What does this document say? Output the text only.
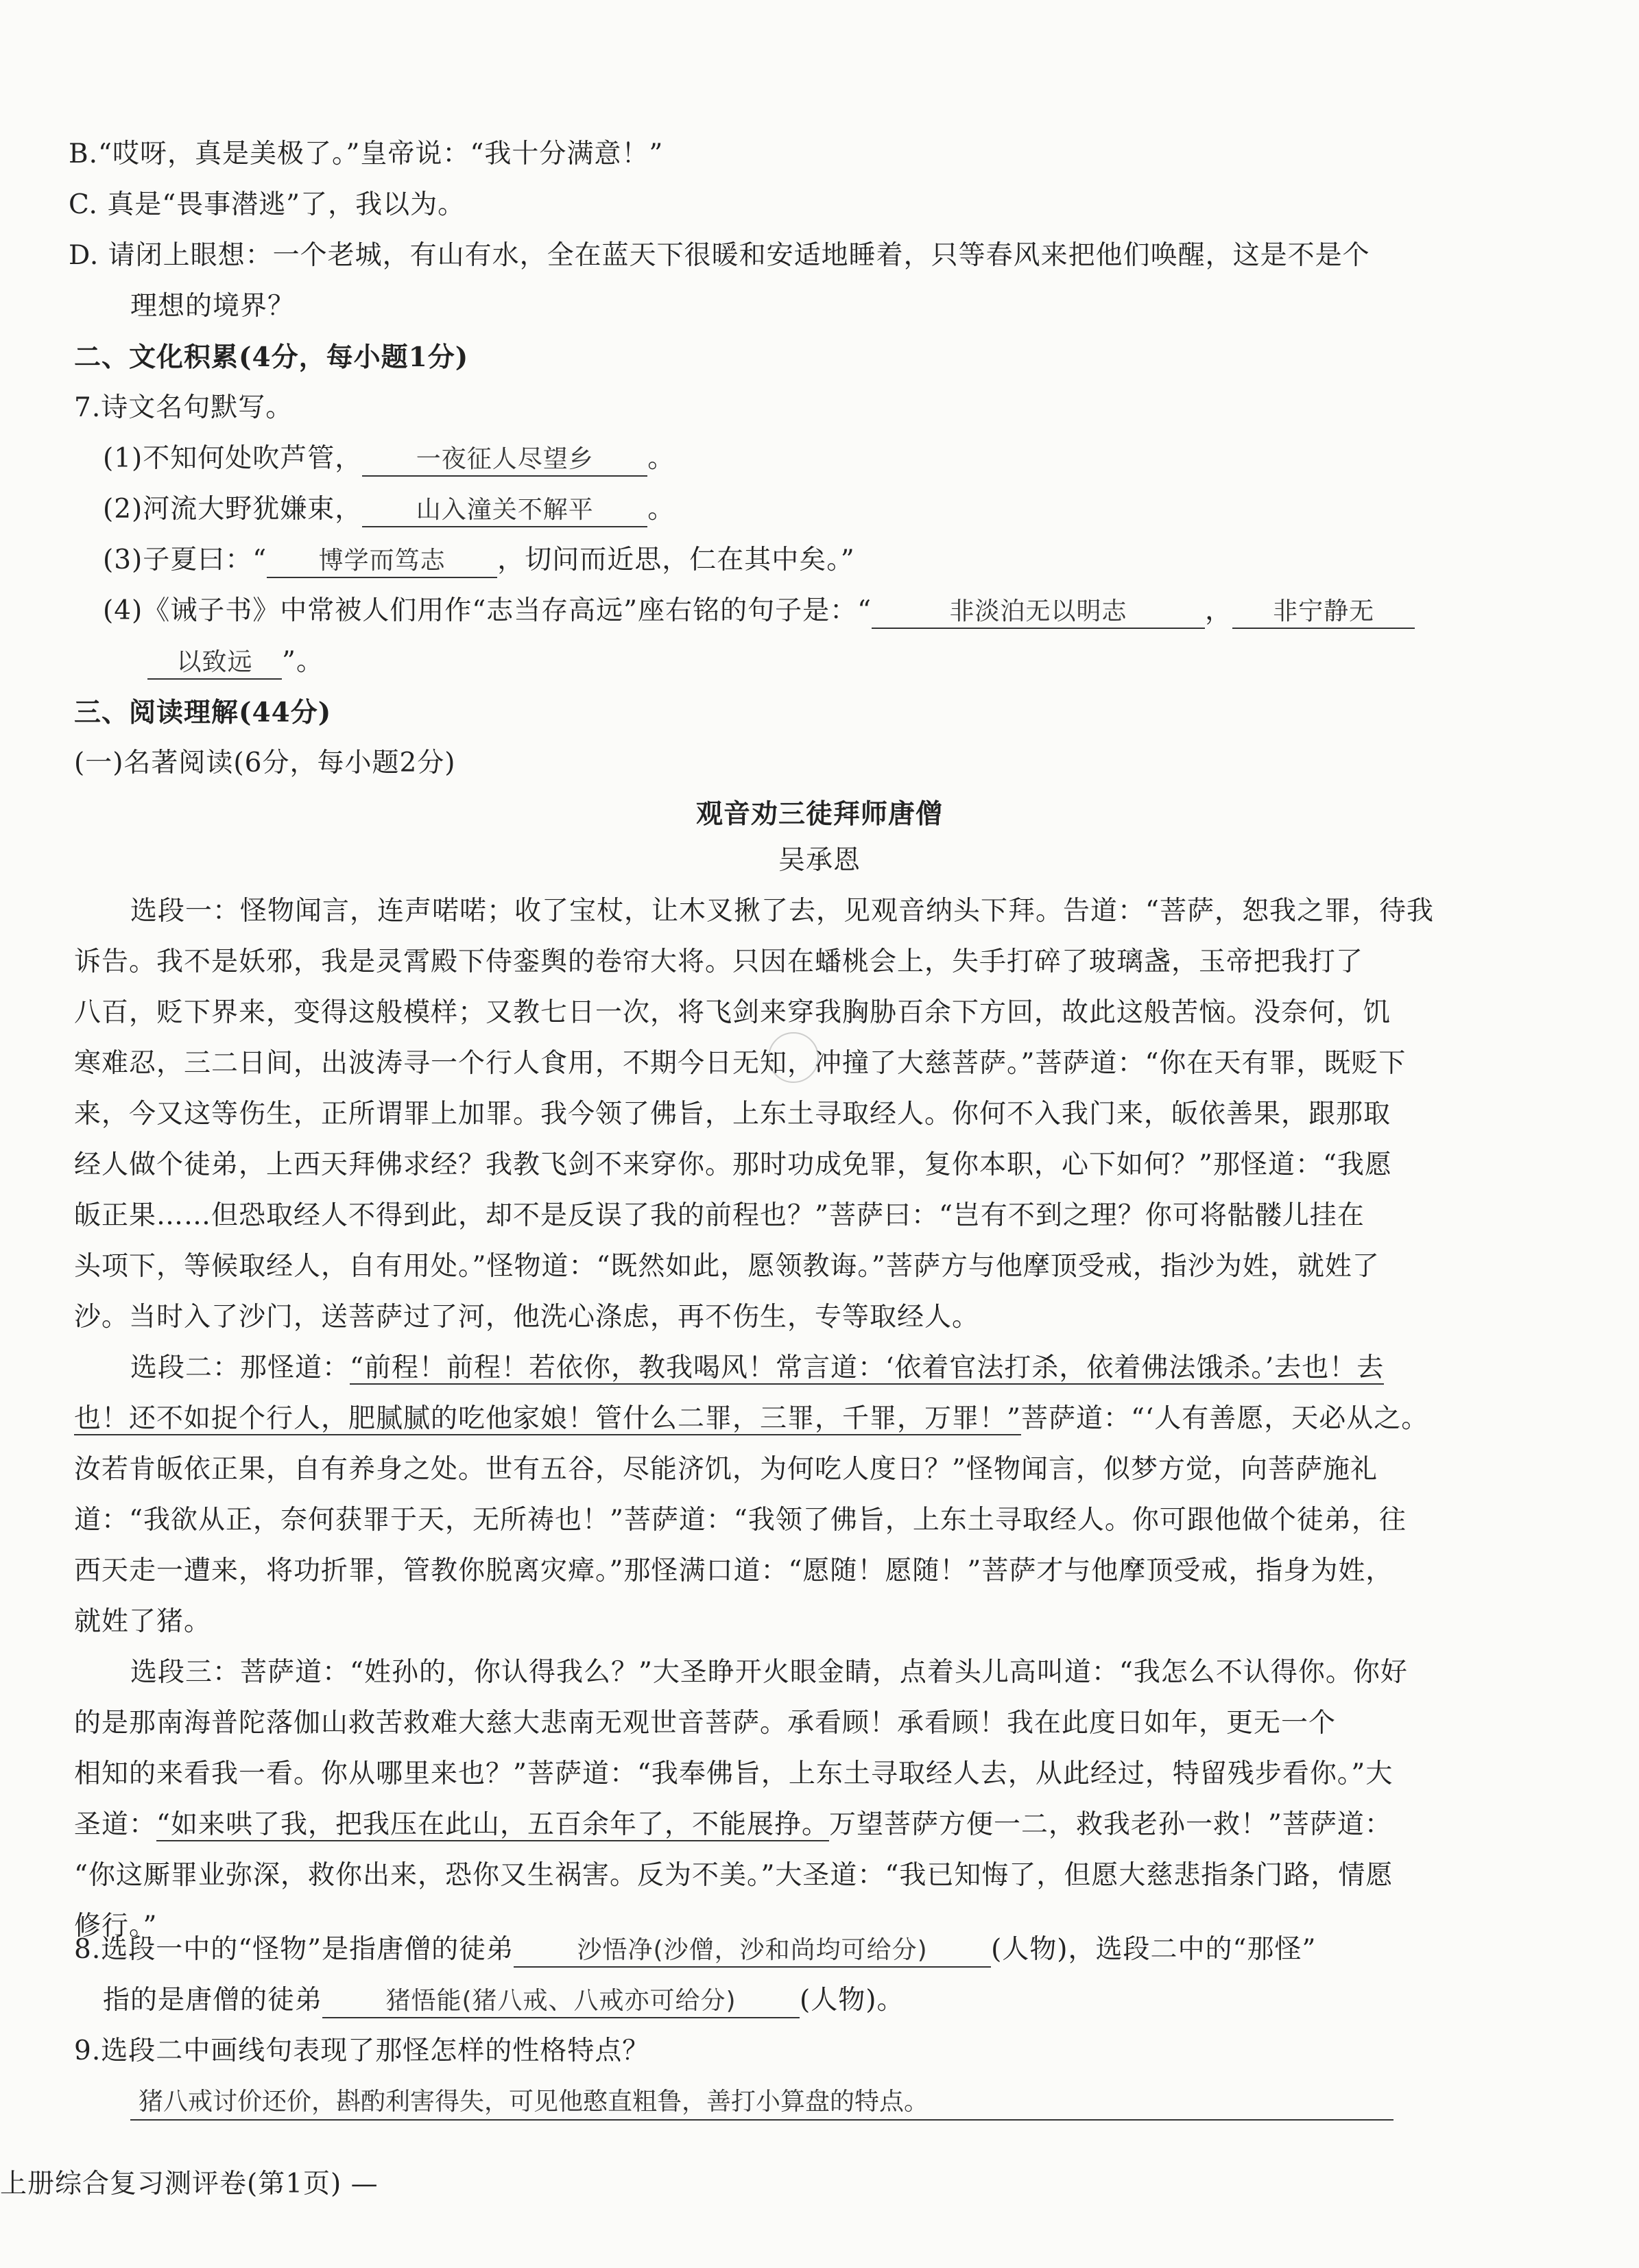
B.“哎呀，真是美极了。”皇帝说：“我十分满意！”
C. 真是“畏事潜逃”了，我以为。
D. 请闭上眼想：一个老城，有山有水，全在蓝天下很暖和安适地睡着，只等春风来把他们唤醒，这是不是个
理想的境界？
二、文化积累(4分，每小题1分)
7.诗文名句默写。
(1)不知何处吹芦管， 一夜征人尽望乡 。
(2)河流大野犹嫌束， 山入潼关不解平 。
(3)子夏曰：“ 博学而笃志 ，切问而近思，仁在其中矣。”
(4)《诫子书》中常被人们用作“志当存高远”座右铭的句子是：“	非淡泊无以明志	， 非宁静无
以致远 ”。
三、阅读理解(44分)
(一)名著阅读(6分，每小题2分)
观音劝三徒拜师唐僧
吴承恩
选段一：怪物闻言，连声喏喏；收了宝杖，让木叉揪了去，见观音纳头下拜。告道：“菩萨，恕我之罪，待我
诉告。我不是妖邪，我是灵霄殿下侍銮舆的卷帘大将。只因在蟠桃会上，失手打碎了玻璃盏，玉帝把我打了
八百，贬下界来，变得这般模样；又教七日一次，将飞剑来穿我胸胁百余下方回，故此这般苦恼。没奈何，饥
寒难忍，三二日间，出波涛寻一个行人食用，不期今日无知，冲撞了大慈菩萨。”菩萨道：“你在天有罪，既贬下
来，今又这等伤生，正所谓罪上加罪。我今领了佛旨，上东土寻取经人。你何不入我门来，皈依善果，跟那取
经人做个徒弟，上西天拜佛求经？我教飞剑不来穿你。那时功成免罪，复你本职，心下如何？”那怪道：“我愿
皈正果……但恐取经人不得到此，却不是反误了我的前程也？”菩萨曰：“岂有不到之理？你可将骷髅儿挂在
头项下，等候取经人，自有用处。”怪物道：“既然如此，愿领教诲。”菩萨方与他摩顶受戒，指沙为姓，就姓了
沙。当时入了沙门，送菩萨过了河，他洗心涤虑，再不伤生，专等取经人。
选段二：那怪道：“前程！前程！若依你，教我喝风！常言道：‘依着官法打杀，依着佛法饿杀。’去也！去
也！还不如捉个行人，肥腻腻的吃他家娘！管什么二罪，三罪，千罪，万罪！”菩萨道：“‘人有善愿，天必从之。
汝若肯皈依正果，自有养身之处。世有五谷，尽能济饥，为何吃人度日？”怪物闻言，似梦方觉，向菩萨施礼
道：“我欲从正，奈何获罪于天，无所祷也！”菩萨道：“我领了佛旨，上东土寻取经人。你可跟他做个徒弟，往
西天走一遭来，将功折罪，管教你脱离灾瘴。”那怪满口道：“愿随！愿随！”菩萨才与他摩顶受戒，指身为姓，
就姓了猪。
选段三：菩萨道：“姓孙的，你认得我么？”大圣睁开火眼金睛，点着头儿高叫道：“我怎么不认得你。你好
的是那南海普陀落伽山救苦救难大慈大悲南无观世音菩萨。承看顾！承看顾！我在此度日如年，更无一个
相知的来看我一看。你从哪里来也？”菩萨道：“我奉佛旨，上东土寻取经人去，从此经过，特留残步看你。”大
圣道：“如来哄了我，把我压在此山，五百余年了，不能展挣。万望菩萨方便一二，救我老孙一救！”菩萨道：
“你这厮罪业弥深，救你出来，恐你又生祸害。反为不美。”大圣道：“我已知悔了，但愿大慈悲指条门路，情愿
修行。”
8.选段一中的“怪物”是指唐僧的徒弟	沙悟净(沙僧，沙和尚均可给分) (人物)，选段二中的“那怪”
指的是唐僧的徒弟	猪悟能(猪八戒、八戒亦可给分) (人物)。
9.选段二中画线句表现了那怪怎样的性格特点？
猪八戒讨价还价，斟酌利害得失，可见他憨直粗鲁，善打小算盘的特点。
上册综合复习测评卷(第1页) —
